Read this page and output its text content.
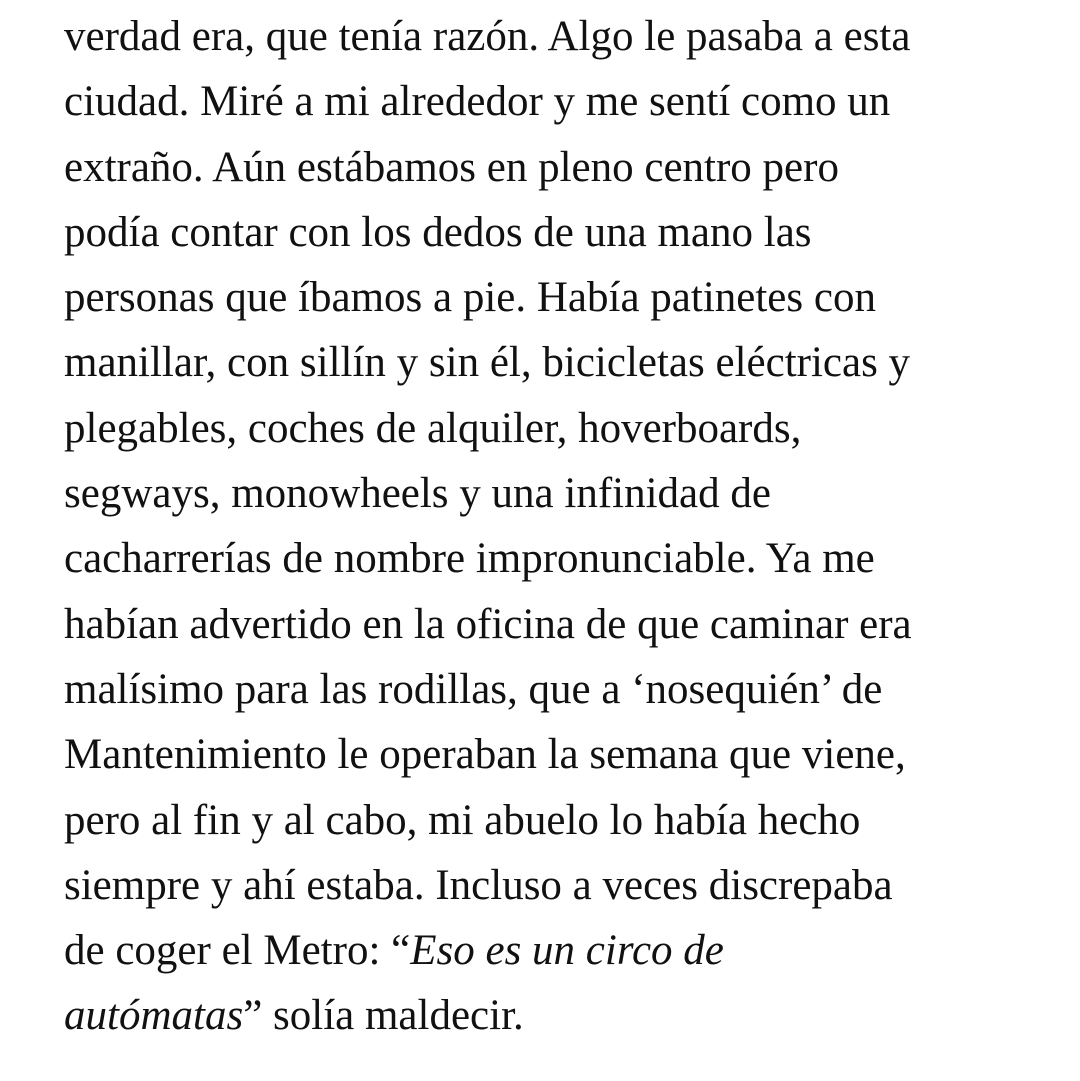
verdad era, que tenía razón. Algo le pasaba a esta
ciudad. Miré a mi alrededor y me sentí como un
extraño. Aún estábamos en pleno centro pero
podía contar con los dedos de una mano las
personas que íbamos a pie. Había patinetes con
manillar, con sillín y sin él, bicicletas eléctricas y
plegables, coches de alquiler, hoverboards,
segways, monowheels y una infinidad de
cacharrerías de nombre impronunciable. Ya me
habían advertido en la oficina de que caminar era
malísimo para las rodillas, que a ‘nosequién’ de
Mantenimiento le operaban la semana que viene,
pero al fin y al cabo, mi abuelo lo había hecho
siempre y ahí estaba. Incluso a veces discrepaba
de coger el Metro: “Eso es un circo de
autómatas” solía maldecir.
